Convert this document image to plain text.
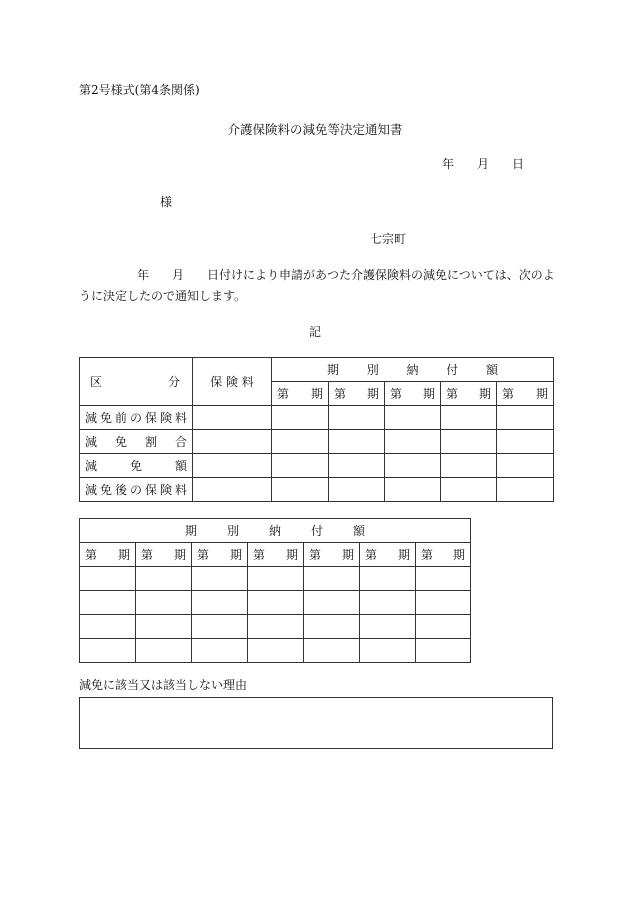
第2号様式(第4条関係)
介護保険料の減免等決定通知書
年 月 日
様
七宗町
年 月 日付けにより申請があつた介護保険料の減免については、次のよ
うに決定したので通知します。
記
区 分	保 険 料	期 別 納 付 額				
		第 期	第 期	第 期	第 期	第 期
減免前の保険料						
減 免 割 合						
減 免 額						
減免後の保険料						
期 別 納 付 額						
第 期	第 期	第 期	第 期	第 期	第 期	第 期

減免に該当又は該当しない理由
